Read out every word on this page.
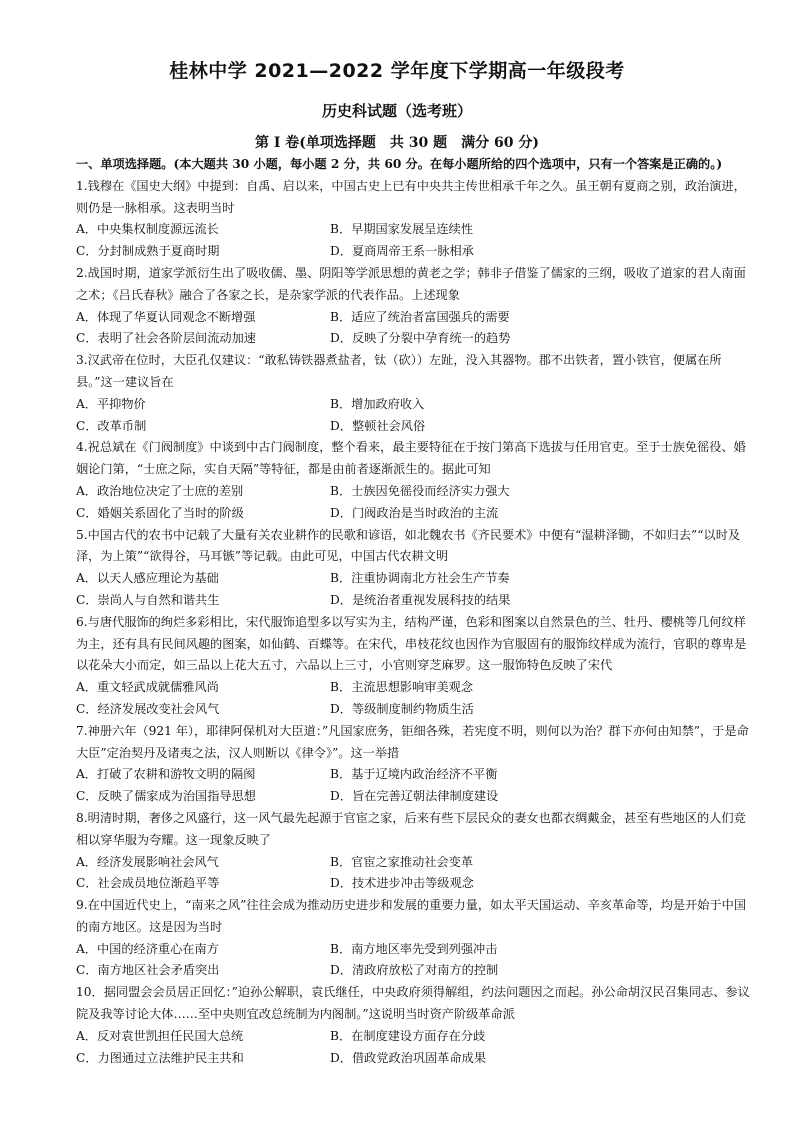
桂林中学 2021—2022 学年度下学期高一年级段考
历史科试题（选考班）
第 I 卷(单项选择题　共 30 题　满分 60 分)
一、单项选择题。(本大题共 30 小题，每小题 2 分，共 60 分。在每小题所给的四个选项中，只有一个答案是正确的。)
1.钱穆在《国史大纲》中提到：自禹、启以来，中国古史上已有中央共主传世相承千年之久。虽王朝有夏商之别，政治演进，则仍是一脉相承。这表明当时
A．中央集权制度源远流长	B．早期国家发展呈连续性
C．分封制成熟于夏商时期	D．夏商周帝王系一脉相承
2.战国时期，道家学派衍生出了吸收儒、墨、阴阳等学派思想的黄老之学；韩非子借鉴了儒家的三纲，吸收了道家的君人南面之术；《吕氏春秋》融合了各家之长，是杂家学派的代表作品。上述现象
A．体现了华夏认同观念不断增强	B．适应了统治者富国强兵的需要
C．表明了社会各阶层间流动加速	D．反映了分裂中孕育统一的趋势
3.汉武帝在位时，大臣孔仅建议：“敢私铸铁器煮盐者，钛（砍））左趾，没入其器物。郡不出铁者，置小铁官，便属在所县。”这一建议旨在
A．平抑物价	B．增加政府收入
C．改革币制	D．整顿社会风俗
4.祝总斌在《门阀制度》中谈到中古门阀制度，整个看来，最主要特征在于按门第高下选拔与任用官吏。至于士族免徭役、婚姻论门第，“士庶之际，实自天隔”等特征，都是由前者逐渐派生的。据此可知
A．政治地位决定了士庶的差别	B．士族因免徭役而经济实力强大
C．婚姻关系固化了当时的阶级	D．门阀政治是当时政治的主流
5.中国古代的农书中记载了大量有关农业耕作的民歌和谚语，如北魏农书《齐民要术》中便有“湿耕泽锄，不如归去”“以时及泽，为上策”“欲得谷，马耳镞”等记载。由此可见，中国古代农耕文明
A．以天人感应理论为基础	B．注重协调南北方社会生产节奏
C．崇尚人与自然和谐共生	D．是统治者重视发展科技的结果
6.与唐代服饰的绚烂多彩相比，宋代服饰追型多以写实为主，结构严谨，色彩和图案以自然景色的兰、牡丹、樱桃等几何纹样为主，还有具有民间风趣的图案，如仙鹤、百蝶等。在宋代，串枝花纹也因作为官服固有的服饰纹样成为流行，官职的尊卑是以花朵大小而定，如三品以上花大五寸，六品以上三寸，小官则穿芝麻罗。这一服饰特色反映了宋代
A．重文轻武成就儒雅风尚	B．主流思想影响审美观念
C．经济发展改变社会风气	D．等级制度制约物质生活
7.神册六年（921 年），耶律阿保机对大臣道：”凡国家庶务，钜细各殊，若宪度不明，则何以为治？群下亦何由知禁”，于是命大臣”定治契丹及诸夷之法，汉人则断以《律令》”。这一举措
A．打破了农耕和游牧文明的隔阂	B．基于辽境内政治经济不平衡
C．反映了儒家成为治国指导思想	D．旨在完善辽朝法律制度建设
8.明清时期，奢侈之风盛行，这一风气最先起源于官宦之家，后来有些下层民众的妻女也都衣绸戴金，甚至有些地区的人们竞相以穿华服为夸耀。这一现象反映了
A．经济发展影响社会风气	B．官宦之家推动社会变革
C．社会成员地位渐趋平等	D．技术进步冲击等级观念
9.在中国近代史上，“南来之风”往往会成为推动历史进步和发展的重要力量，如太平天国运动、辛亥革命等，均是开始于中国的南方地区。这是因为当时
A．中国的经济重心在南方	B．南方地区率先受到列强冲击
C．南方地区社会矛盾突出	D．清政府放松了对南方的控制
10．据同盟会会员居正回忆：”迫孙公解职，袁氏继任，中央政府须得解组，约法问题因之而起。孙公命胡汉民召集同志、参议院及我等讨论大体……至中央则宜改总统制为内阁制。”这说明当时资产阶级革命派
A．反对袁世凯担任民国大总统	B．在制度建设方面存在分歧
C．力图通过立法维护民主共和	D．借政党政治巩固革命成果
